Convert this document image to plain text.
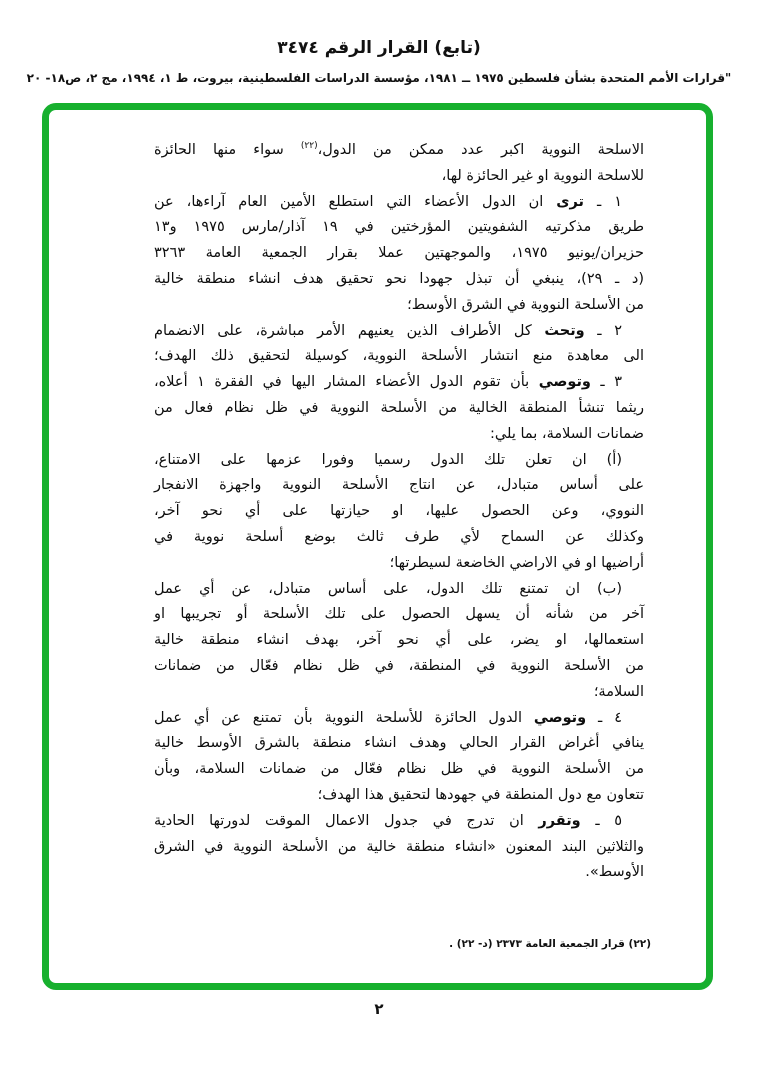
(تابع) القرار الرقم ٣٤٧٤
"قرارات الأمم المتحدة بشأن فلسطين ١٩٧٥ ــ ١٩٨١، مؤسسة الدراسات الفلسطينية، بيروت، ط ١، ١٩٩٤، مج ٢، ص١٨- ٢٠
الاسلحة النووية اكبر عدد ممكن من الدول،$^{(٢٢)}$ سواء منها الحائزة
للاسلحة النووية او غير الحائزة لها،
١ ـ ترى ان الدول الأعضاء التي استطلع الأمين العام آراءها، عن
طريق مذكرتيه الشفويتين المؤرختين في ١٩ آذار/مارس ١٩٧٥ و١٣
حزيران/يونيو ١٩٧٥، والموجهتين عملا بقرار الجمعية العامة ٣٢٦٣
(د ـ ٢٩)، ينبغي أن تبذل جهودا نحو تحقيق هدف انشاء منطقة خالية
من الأسلحة النووية في الشرق الأوسط؛
٢ ـ وتحث كل الأطراف الذين يعنيهم الأمر مباشرة، على الانضمام
الى معاهدة منع انتشار الأسلحة النووية، كوسيلة لتحقيق ذلك الهدف؛
٣ ـ وتوصي بأن تقوم الدول الأعضاء المشار اليها في الفقرة ١ أعلاه،
ريثما تنشأ المنطقة الخالية من الأسلحة النووية في ظل نظام فعال من
ضمانات السلامة، بما يلي:
(أ) ان تعلن تلك الدول رسميا وفورا عزمها على الامتناع،
على أساس متبادل، عن انتاج الأسلحة النووية واجهزة الانفجار
النووي، وعن الحصول عليها، او حيازتها على أي نحو آخر،
وكذلك عن السماح لأي طرف ثالث بوضع أسلحة نووية في
أراضيها او في الاراضي الخاضعة لسيطرتها؛
(ب) ان تمتنع تلك الدول، على أساس متبادل، عن أي عمل
آخر من شأنه أن يسهل الحصول على تلك الأسلحة أو تجريبها او
استعمالها، او يضر، على أي نحو آخر، بهدف انشاء منطقة خالية
من الأسلحة النووية في المنطقة، في ظل نظام فعّال من ضمانات
السلامة؛
٤ ـ وتوصي الدول الحائزة للأسلحة النووية بأن تمتنع عن أي عمل
ينافي أغراض القرار الحالي وهدف انشاء منطقة بالشرق الأوسط خالية
من الأسلحة النووية في ظل نظام فعّال من ضمانات السلامة، وبأن
تتعاون مع دول المنطقة في جهودها لتحقيق هذا الهدف؛
٥ ـ وتقرر ان تدرج في جدول الاعمال الموقت لدورتها الحادية
والثلاثين البند المعنون «انشاء منطقة خالية من الأسلحة النووية في الشرق
الأوسط».
(٢٢) قرار الجمعية العامة ٢٣٧٣ (د- ٢٢) .
٢
